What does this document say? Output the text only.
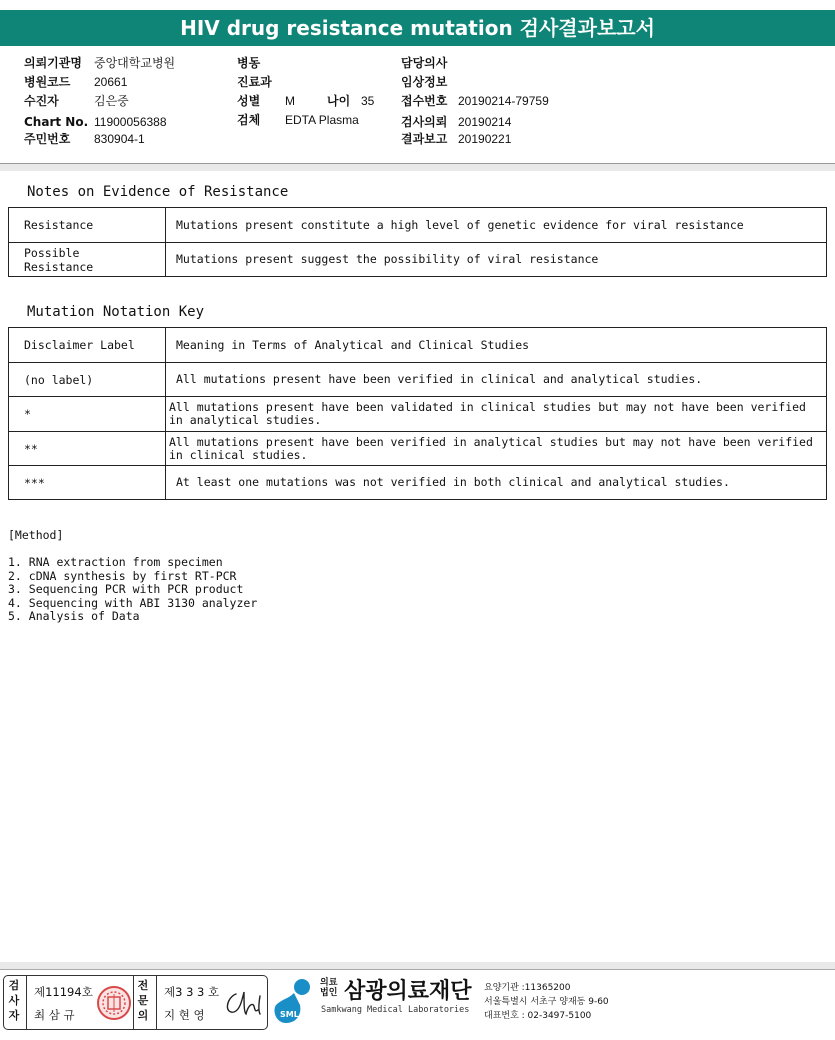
HIV drug resistance mutation 검사결과보고서
의뢰기관명 중앙대학교병원
병원코드 20661
수진자	김은중
Chart No. 11900056388
주민번호 830904-1
병동
진료과
성별 M	나이 35
검체 EDTA Plasma
담당의사
임상정보
접수번호 20190214-79759
검사의뢰 20190214
결과보고 20190221
Notes on Evidence of Resistance
Resistance	Mutations present constitute a high level of genetic evidence for viral resistance
Possible Resistance	Mutations present suggest the possibility of viral resistance
Mutation Notation Key
Disclaimer Label	Meaning in Terms of Analytical and Clinical Studies
(no label)	All mutations present have been verified in clinical and analytical studies.
*	All mutations present have been validated in clinical studies but may not have been verified in analytical studies.
**	All mutations present have been verified in analytical studies but may not have been verified in clinical studies.
***	At least one mutations was not verified in both clinical and analytical studies.
[Method]
1. RNA extraction from specimen
2. cDNA synthesis by first RT-PCR
3. Sequencing PCR with PCR product
4. Sequencing with ABI 3130 analyzer
5. Analysis of Data
검사자
제11194호
최 삼 규
전문의
제3 3 3 호
지 현 영	SML
의료법인 삼광의료재단
Samkwang Medical Laboratories
요양기관 :11365200
서울특별시 서초구 양재동 9-60
대표번호 : 02-3497-5100
